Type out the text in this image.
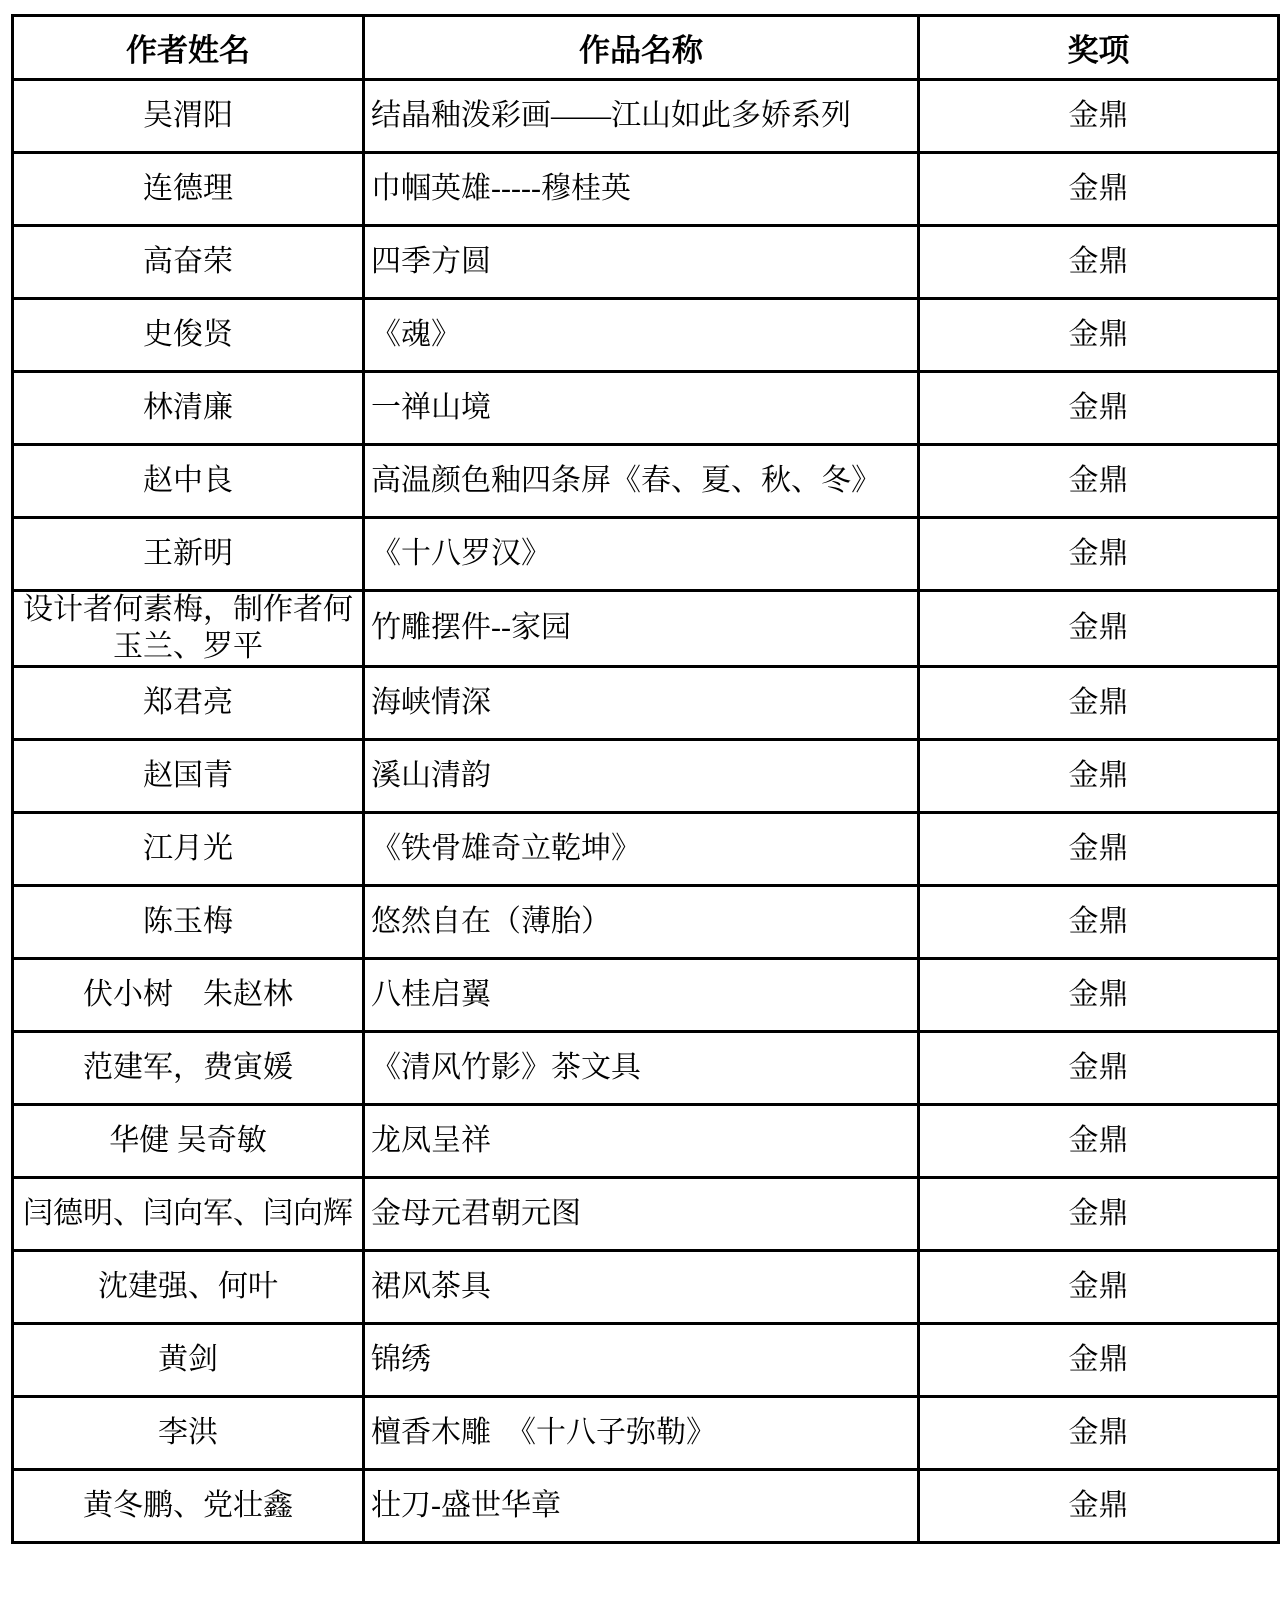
作者姓名	作品名称	奖项
吴渭阳	结晶釉泼彩画——江山如此多娇系列	金鼎
连德理	巾帼英雄-----穆桂英	金鼎
高奋荣	四季方圆	金鼎
史俊贤	《魂》	金鼎
林清廉	一禅山境	金鼎
赵中良	高温颜色釉四条屏《春、夏、秋、冬》	金鼎
王新明	《十八罗汉》	金鼎
设计者何素梅，制作者何玉兰、罗平	竹雕摆件--家园	金鼎
郑君亮	海峡情深	金鼎
赵国青	溪山清韵	金鼎
江月光	《铁骨雄奇立乾坤》	金鼎
陈玉梅	悠然自在（薄胎）	金鼎
伏小树　朱赵林	八桂启翼	金鼎
范建军，费寅媛	《清风竹影》茶文具	金鼎
华健 吴奇敏	龙凤呈祥	金鼎
闫德明、闫向军、闫向辉	金母元君朝元图	金鼎
沈建强、何叶	裙风茶具	金鼎
黄剑	锦绣	金鼎
李洪	檀香木雕　《十八子弥勒》	金鼎
黄冬鹏、党壮鑫	壮刀-盛世华章	金鼎
